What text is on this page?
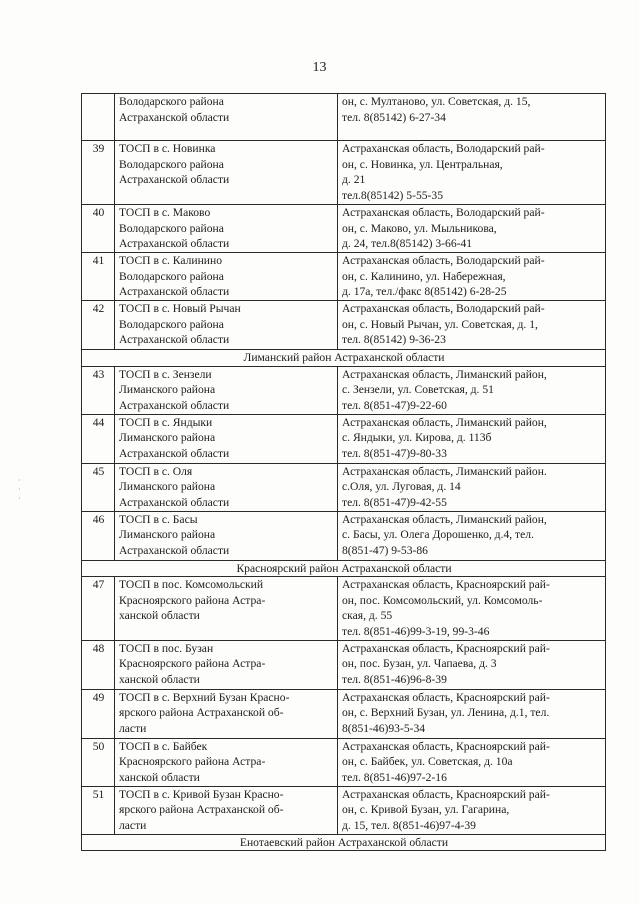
13

	Володарского района
Астраханской области	он, с. Мултаново, ул. Советская, д. 15,
тел. 8(85142) 6-27-34

39	ТОСП в с. Новинка
Володарского района
Астраханской области	Астраханская область, Володарский рай-
он, с. Новинка, ул. Центральная,
д. 21
тел.8(85142) 5-55-35

40	ТОСП в с. Маково
Володарского района
Астраханской области	Астраханская область, Володарский рай-
он, с. Маково, ул. Мыльникова,
д. 24, тел.8(85142) 3-66-41

41	ТОСП в с. Калинино
Володарского района
Астраханской области	Астраханская область, Володарский рай-
он, с. Калинино, ул. Набережная,
д. 17а, тел./факс 8(85142) 6-28-25

42	ТОСП в с. Новый Рычан
Володарского района
Астраханской области	Астраханская область, Володарский рай-
он, с. Новый Рычан, ул. Советская, д. 1,
тел. 8(85142) 9-36-23

Лиманский район Астраханской области		
43	ТОСП в с. Зензели
Лиманского района
Астраханской области	Астраханская область, Лиманский район,
с. Зензели, ул. Советская, д. 51
тел. 8(851-47)9-22-60

44	ТОСП в с. Яндыки
Лиманского района
Астраханской области	Астраханская область, Лиманский район,
с. Яндыки, ул. Кирова, д. 113б
тел. 8(851-47)9-80-33

45	ТОСП в с. Оля
Лиманского района
Астраханской области	Астраханская область, Лиманский район.
с.Оля, ул. Луговая, д. 14
тел. 8(851-47)9-42-55

46	ТОСП в с. Басы
Лиманского района
Астраханской области	Астраханская область, Лиманский район,
с. Басы, ул. Олега Дорошенко, д.4, тел.
8(851-47) 9-53-86

Красноярский район Астраханской области		
47	ТОСП в пос. Комсомольский
Красноярского района Астра-
ханской области	Астраханская область, Красноярский рай-
он, пос. Комсомольский, ул. Комсомоль-
ская, д. 55
тел. 8(851-46)99-3-19, 99-3-46

48	ТОСП в пос. Бузан
Красноярского района Астра-
ханской области	Астраханская область, Красноярский рай-
он, пос. Бузан, ул. Чапаева, д. 3
тел. 8(851-46)96-8-39

49	ТОСП в с. Верхний Бузан Красно-
ярского района Астраханской об-
ласти	Астраханская область, Красноярский рай-
он, с. Верхний Бузан, ул. Ленина, д.1, тел.
8(851-46)93-5-34

50	ТОСП в с. Байбек
Красноярского района Астра-
ханской области	Астраханская область, Красноярский рай-
он, с. Байбек, ул. Советская, д. 10а
тел. 8(851-46)97-2-16

51	ТОСП в с. Кривой Бузан Красно-
ярского района Астраханской об-
ласти	Астраханская область, Красноярский рай-
он, с. Кривой Бузан, ул. Гагарина,
д. 15, тел. 8(851-46)97-4-39

Енотаевский район Астраханской области		
·
·
·
